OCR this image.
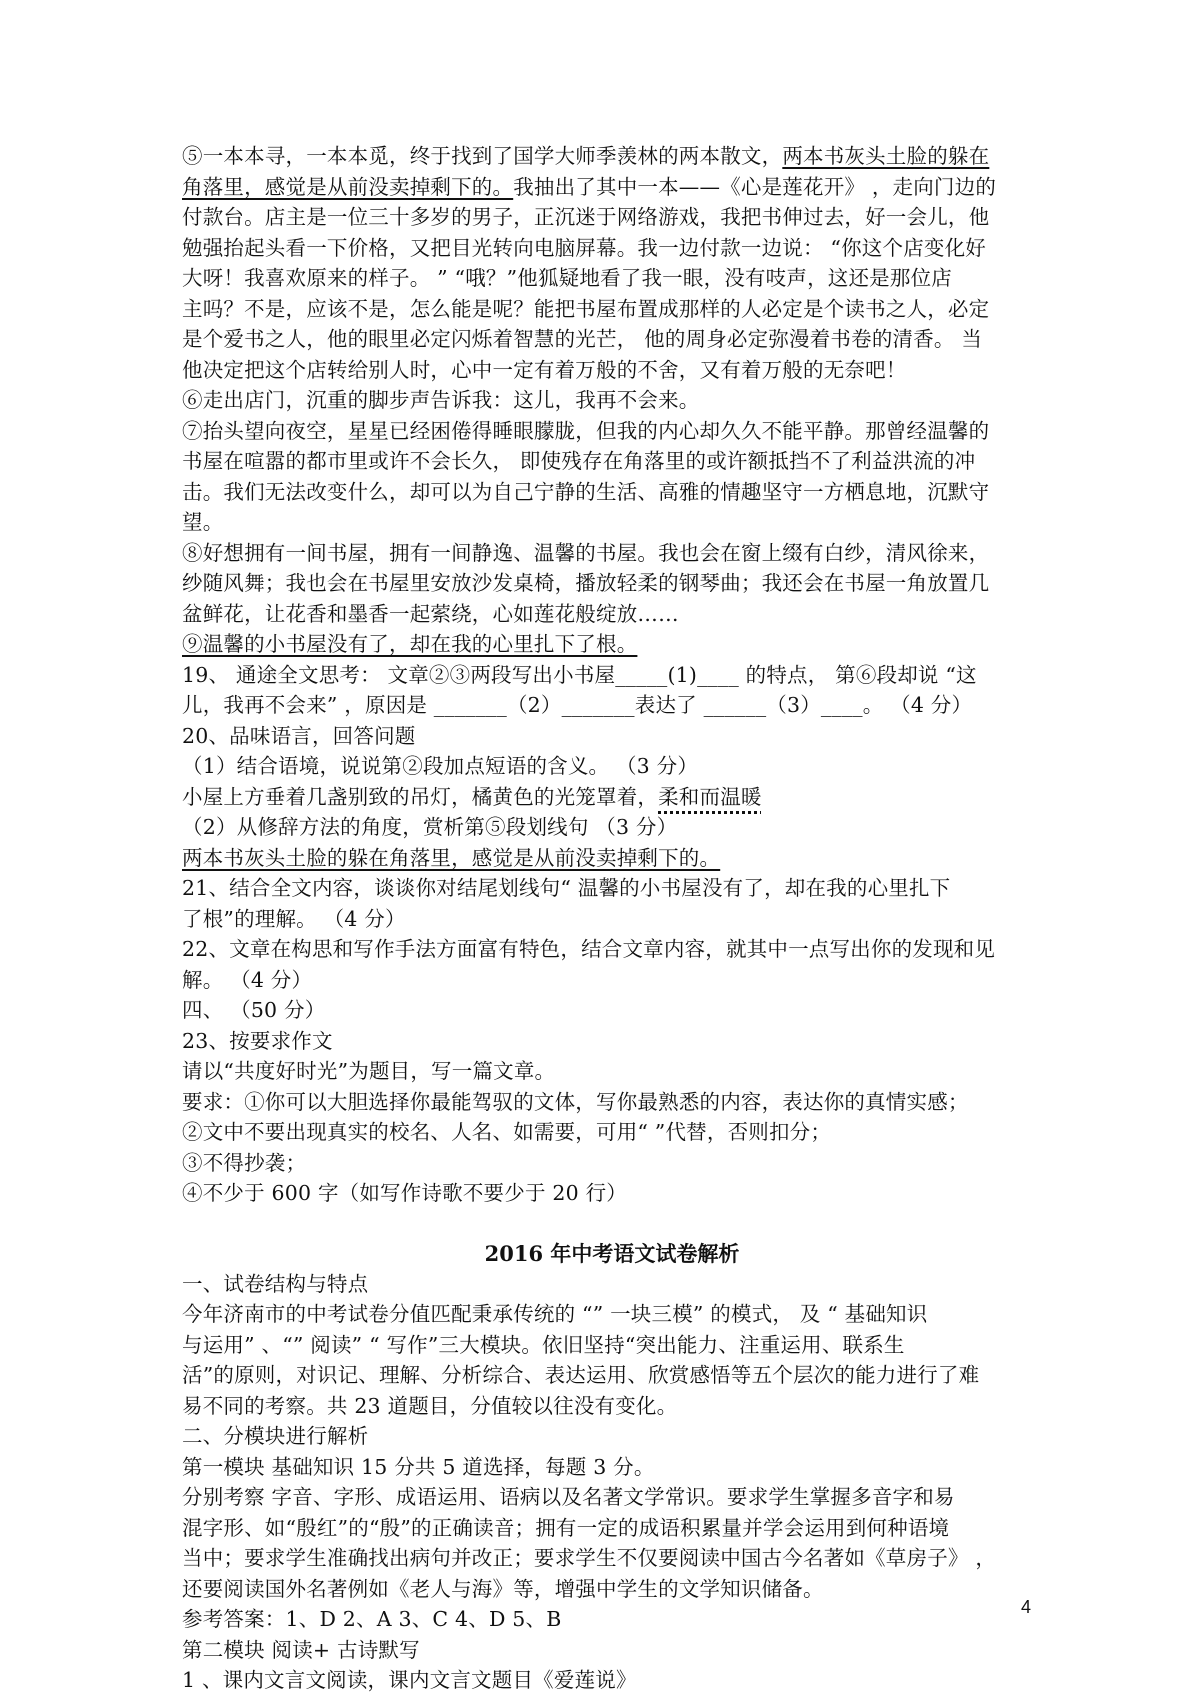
⑤一本本寻，一本本觅，终于找到了国学大师季羡林的两本散文，两本书灰头土脸的躲在
角落里，感觉是从前没卖掉剩下的。我抽出了其中一本——《心是莲花开》 ，走向门边的
付款台。店主是一位三十多岁的男子，正沉迷于网络游戏，我把书伸过去，好一会儿，他
勉强抬起头看一下价格，又把目光转向电脑屏幕。我一边付款一边说： “你这个店变化好
大呀！我喜欢原来的样子。 ” “哦？”他狐疑地看了我一眼，没有吱声，这还是那位店
主吗？不是，应该不是，怎么能是呢？能把书屋布置成那样的人必定是个读书之人，必定
是个爱书之人，他的眼里必定闪烁着智慧的光芒， 他的周身必定弥漫着书卷的清香。 当
他决定把这个店转给别人时，心中一定有着万般的不舍，又有着万般的无奈吧！
⑥走出店门，沉重的脚步声告诉我：这儿，我再不会来。
⑦抬头望向夜空，星星已经困倦得睡眼朦胧，但我的内心却久久不能平静。那曾经温馨的
书屋在喧嚣的都市里或许不会长久， 即使残存在角落里的或许额抵挡不了利益洪流的冲
击。我们无法改变什么，却可以为自己宁静的生活、高雅的情趣坚守一方栖息地，沉默守
望。
⑧好想拥有一间书屋，拥有一间静逸、温馨的书屋。我也会在窗上缀有白纱，清风徐来，
纱随风舞；我也会在书屋里安放沙发桌椅，播放轻柔的钢琴曲；我还会在书屋一角放置几
盆鲜花，让花香和墨香一起萦绕，心如莲花般绽放……
⑨温馨的小书屋没有了，却在我的心里扎下了根。
19、 通途全文思考： 文章②③两段写出小书屋_____(1)____ 的特点， 第⑥段却说 “这
儿，我再不会来” ，原因是 _______（2）_______表达了 ______（3）____。 （4 分）
20、品味语言，回答问题
（1）结合语境，说说第②段加点短语的含义。 （3 分）
小屋上方垂着几盏别致的吊灯，橘黄色的光笼罩着，柔和而温暖
（2）从修辞方法的角度，赏析第⑤段划线句 （3 分）
两本书灰头土脸的躲在角落里，感觉是从前没卖掉剩下的。
21、结合全文内容，谈谈你对结尾划线句“ 温馨的小书屋没有了，却在我的心里扎下
了根”的理解。 （4 分）
22、文章在构思和写作手法方面富有特色，结合文章内容，就其中一点写出你的发现和见
解。 （4 分）
四、 （50 分）
23、按要求作文
请以“共度好时光”为题目，写一篇文章。
要求：①你可以大胆选择你最能驾驭的文体，写你最熟悉的内容，表达你的真情实感；
②文中不要出现真实的校名、人名、如需要，可用“ ”代替，否则扣分；
③不得抄袭；
④不少于 600 字（如写作诗歌不要少于 20 行）
2016 年中考语文试卷解析
一、试卷结构与特点
今年济南市的中考试卷分值匹配秉承传统的 “” 一块三模” 的模式， 及 “ 基础知识
与运用” 、“” 阅读” “ 写作”三大模块。依旧坚持“突出能力、注重运用、联系生
活”的原则，对识记、理解、分析综合、表达运用、欣赏感悟等五个层次的能力进行了难
易不同的考察。共 23 道题目，分值较以往没有变化。
二、分模块进行解析
第一模块 基础知识 15 分共 5 道选择，每题 3 分。
分别考察 字音、字形、成语运用、语病以及名著文学常识。要求学生掌握多音字和易
混字形、如“殷红”的“殷”的正确读音；拥有一定的成语积累量并学会运用到何种语境
当中；要求学生准确找出病句并改正；要求学生不仅要阅读中国古今名著如《草房子》 ，
还要阅读国外名著例如《老人与海》等，增强中学生的文学知识储备。
参考答案：1、D 2、A 3、C 4、D 5、B
第二模块 阅读+ 古诗默写
1 、课内文言文阅读，课内文言文题目《爱莲说》
4
